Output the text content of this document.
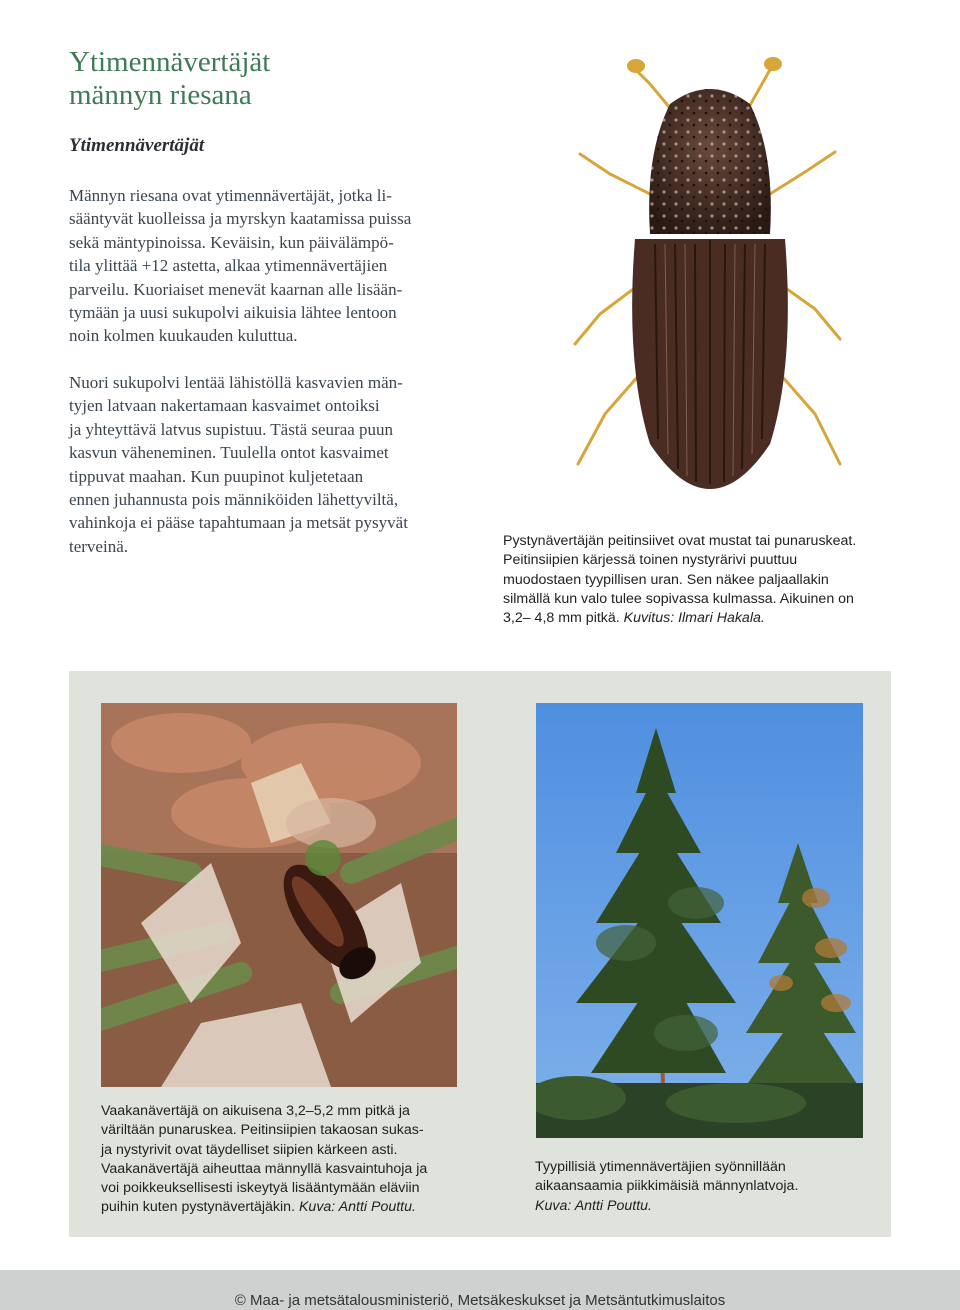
Ytimennävertäjät
männyn riesana
Ytimennävertäjät

Männyn riesana ovat ytimennävertäjät, jotka li-
sääntyvät kuolleissa ja myrskyn kaatamissa puissa
sekä mäntypinoissa. Keväisin, kun päivälämpö-
tila ylittää +12 astetta, alkaa ytimennävertäjien
parveilu. Kuoriaiset menevät kaarnan alle lisään-
tymään ja uusi sukupolvi aikuisia lähtee lentoon
noin kolmen kuukauden kuluttua.

Nuori sukupolvi lentää lähistöllä kasvavien män-
tyjen latvaan nakertamaan kasvaimet ontoiksi
ja yhteyttävä latvus supistuu. Tästä seuraa puun
kasvun väheneminen. Tuulella ontot kasvaimet
tippuvat maahan. Kun puupinot kuljetetaan
ennen juhannusta pois männiköiden lähettyviltä,
vahinkoja ei pääse tapahtumaan ja metsät pysyvät
terveinä.	Pystynävertäjän peitinsiivet ovat mustat tai punaruskeat.
Peitinsiipien kärjessä toinen nystyrärivi puuttuu
muodostaen tyypillisen uran. Sen näkee paljaallakin
silmällä kun valo tulee sopivassa kulmassa. Aikuinen on
3,2– 4,8 mm pitkä. Kuvitus: Ilmari Hakala.

Vaakanävertäjä on aikuisena 3,2–5,2 mm pitkä ja
väriltään punaruskea. Peitinsiipien takaosan sukas-
ja nystyrivit ovat täydelliset siipien kärkeen asti.
Vaakanävertäjä aiheuttaa männyllä kasvaintuhoja ja
voi poikkeuksellisesti iskeytyä lisääntymään eläviin
puihin kuten pystynävertäjäkin. Kuva: Antti Pouttu.

Tyypillisiä ytimennävertäjien syönnillään
aikaansaamia piikkimäisiä männynlatvoja.
Kuva: Antti Pouttu.

© Maa- ja metsätalousministeriö, Metsäkeskukset ja Metsäntutkimuslaitos
